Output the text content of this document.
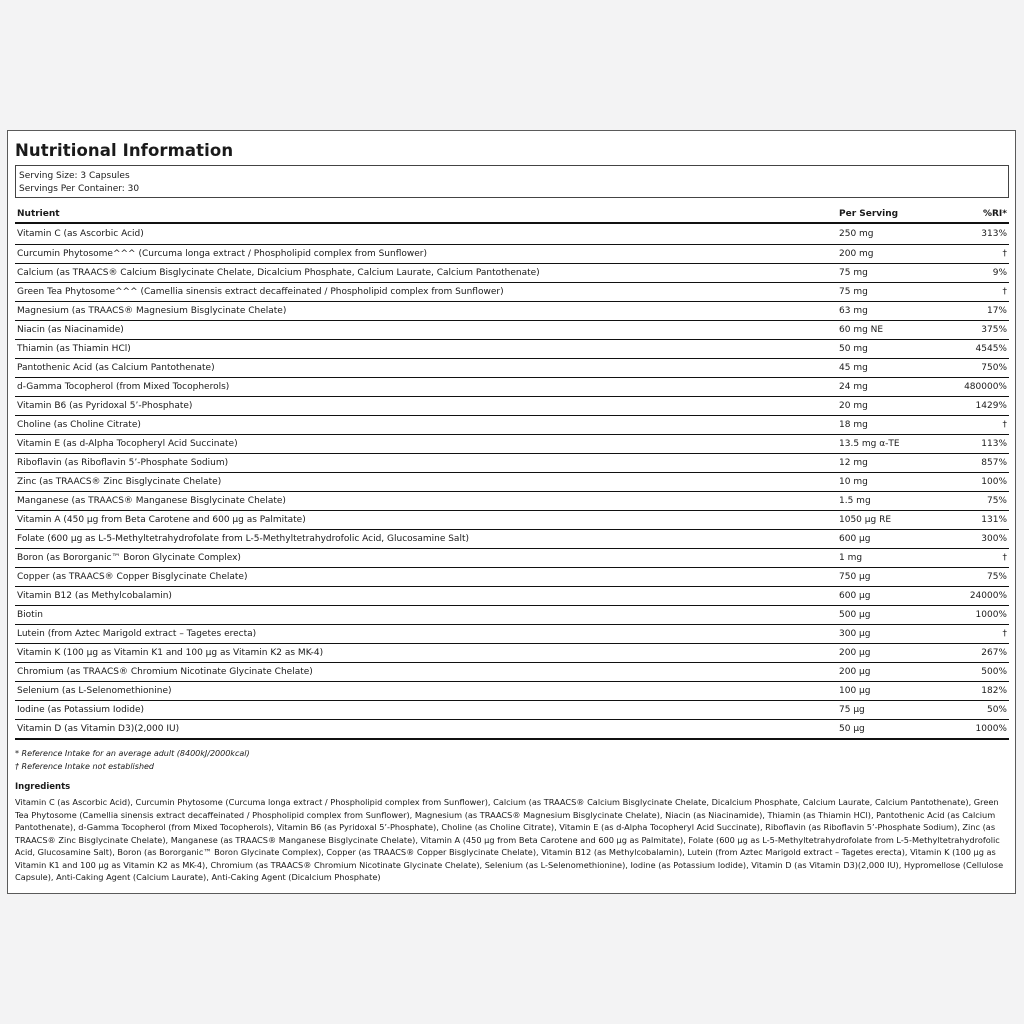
Nutritional Information
Serving Size: 3 Capsules
Servings Per Container: 30
Nutrient	Per Serving	%RI*
Vitamin C (as Ascorbic Acid)	250 mg	313%
Curcumin Phytosome^^^ (Curcuma longa extract / Phospholipid complex from Sunflower)	200 mg	†
Calcium (as TRAACS® Calcium Bisglycinate Chelate, Dicalcium Phosphate, Calcium Laurate, Calcium Pantothenate)	75 mg	9%
Green Tea Phytosome^^^ (Camellia sinensis extract decaffeinated / Phospholipid complex from Sunflower)	75 mg	†
Magnesium (as TRAACS® Magnesium Bisglycinate Chelate)	63 mg	17%
Niacin (as Niacinamide)	60 mg NE	375%
Thiamin (as Thiamin HCl)	50 mg	4545%
Pantothenic Acid (as Calcium Pantothenate)	45 mg	750%
d-Gamma Tocopherol (from Mixed Tocopherols)	24 mg	480000%
Vitamin B6 (as Pyridoxal 5’-Phosphate)	20 mg	1429%
Choline (as Choline Citrate)	18 mg	†
Vitamin E (as d-Alpha Tocopheryl Acid Succinate)	13.5 mg α-TE	113%
Riboflavin (as Riboflavin 5’-Phosphate Sodium)	12 mg	857%
Zinc (as TRAACS® Zinc Bisglycinate Chelate)	10 mg	100%
Manganese (as TRAACS® Manganese Bisglycinate Chelate)	1.5 mg	75%
Vitamin A (450 µg from Beta Carotene and 600 µg as Palmitate)	1050 µg RE	131%
Folate (600 µg as L-5-Methyltetrahydrofolate from L-5-Methyltetrahydrofolic Acid, Glucosamine Salt)	600 µg	300%
Boron (as Bororganic™ Boron Glycinate Complex)	1 mg	†
Copper (as TRAACS® Copper Bisglycinate Chelate)	750 µg	75%
Vitamin B12 (as Methylcobalamin)	600 µg	24000%
Biotin	500 µg	1000%
Lutein (from Aztec Marigold extract – Tagetes erecta)	300 µg	†
Vitamin K (100 µg as Vitamin K1 and 100 µg as Vitamin K2 as MK-4)	200 µg	267%
Chromium (as TRAACS® Chromium Nicotinate Glycinate Chelate)	200 µg	500%
Selenium (as L-Selenomethionine)	100 µg	182%
Iodine (as Potassium Iodide)	75 µg	50%
Vitamin D (as Vitamin D3)(2,000 IU)	50 µg	1000%
* Reference Intake for an average adult (8400kJ/2000kcal)
† Reference Intake not established
Ingredients
Vitamin C (as Ascorbic Acid), Curcumin Phytosome (Curcuma longa extract / Phospholipid complex from Sunflower), Calcium (as TRAACS® Calcium Bisglycinate Chelate, Dicalcium Phosphate, Calcium Laurate, Calcium Pantothenate), Green Tea Phytosome (Camellia sinensis extract decaffeinated / Phospholipid complex from Sunflower), Magnesium (as TRAACS® Magnesium Bisglycinate Chelate), Niacin (as Niacinamide), Thiamin (as Thiamin HCl), Pantothenic Acid (as Calcium Pantothenate), d-Gamma Tocopherol (from Mixed Tocopherols), Vitamin B6 (as Pyridoxal 5’-Phosphate), Choline (as Choline Citrate), Vitamin E (as d-Alpha Tocopheryl Acid Succinate), Riboflavin (as Riboflavin 5’-Phosphate Sodium), Zinc (as TRAACS® Zinc Bisglycinate Chelate), Manganese (as TRAACS® Manganese Bisglycinate Chelate), Vitamin A (450 µg from Beta Carotene and 600 µg as Palmitate), Folate (600 µg as L-5-Methyltetrahydrofolate from L-5-Methyltetrahydrofolic Acid, Glucosamine Salt), Boron (as Bororganic™ Boron Glycinate Complex), Copper (as TRAACS® Copper Bisglycinate Chelate), Vitamin B12 (as Methylcobalamin), Lutein (from Aztec Marigold extract – Tagetes erecta), Vitamin K (100 µg as Vitamin K1 and 100 µg as Vitamin K2 as MK-4), Chromium (as TRAACS® Chromium Nicotinate Glycinate Chelate), Selenium (as L-Selenomethionine), Iodine (as Potassium Iodide), Vitamin D (as Vitamin D3)(2,000 IU), Hypromellose (Cellulose Capsule), Anti-Caking Agent (Calcium Laurate), Anti-Caking Agent (Dicalcium Phosphate)
